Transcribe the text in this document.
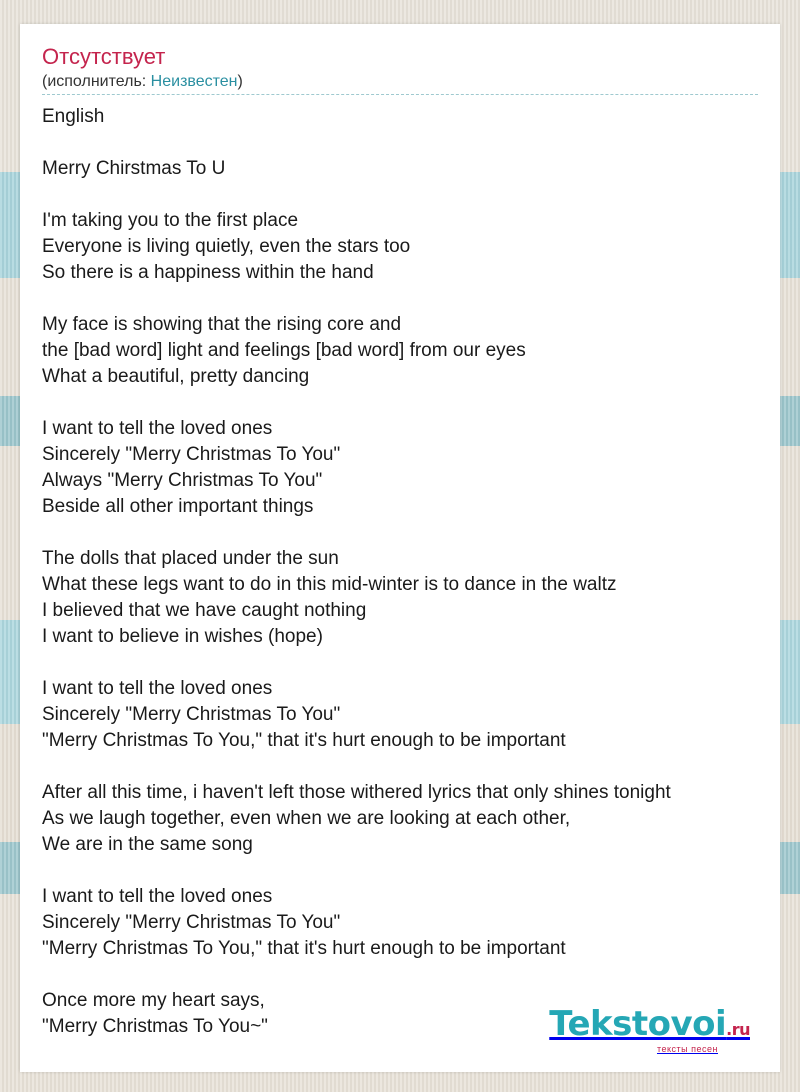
Отсутствует
(исполнитель: Неизвестен)
English
Merry Chirstmas To U
I'm taking you to the first place
Everyone is living quietly, even the stars too
So there is a happiness within the hand
My face is showing that the rising core and
the [bad word] light and feelings [bad word] from our eyes
What a beautiful, pretty dancing
I want to tell the loved ones
Sincerely "Merry Christmas To You"
Always "Merry Christmas To You"
Beside all other important things
The dolls that placed under the sun
What these legs want to do in this mid-winter is to dance in the waltz
I believed that we have caught nothing
I want to believe in wishes (hope)
I want to tell the loved ones
Sincerely "Merry Christmas To You"
"Merry Christmas To You," that it's hurt enough to be important
After all this time, i haven't left those withered lyrics that only shines tonight
As we laugh together, even when we are looking at each other,
We are in the same song
I want to tell the loved ones
Sincerely "Merry Christmas To You"
"Merry Christmas To You," that it's hurt enough to be important
Once more my heart says,
"Merry Christmas To You~"	Tekstovoi.ru
тексты песен
